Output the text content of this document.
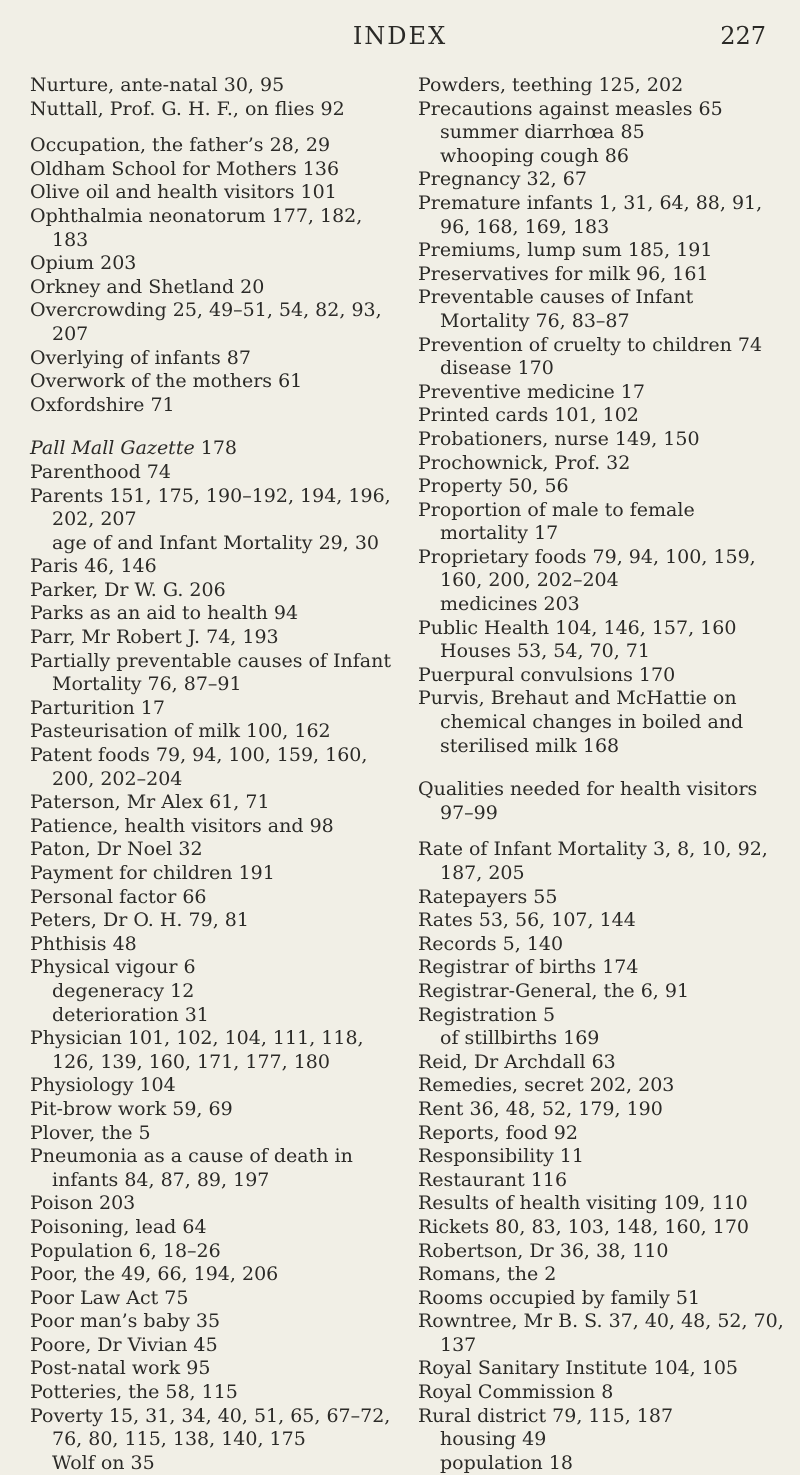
INDEX	227

Nurture, ante-natal 30, 95

Nuttall, Prof. G. H. F., on flies 92

Occupation, the father’s 28, 29

Oldham School for Mothers 136

Olive oil and health visitors 101

Ophthalmia neonatorum 177, 182, 183

Opium 203

Orkney and Shetland 20

Overcrowding 25, 49–51, 54, 82, 93, 207

Overlying of infants 87

Overwork of the mothers 61

Oxfordshire 71

Pall Mall Gazette 178

Parenthood 74

Parents 151, 175, 190–192, 194, 196, 202, 207

age of and Infant Mortality 29, 30

Paris 46, 146

Parker, Dr W. G. 206

Parks as an aid to health 94

Parr, Mr Robert J. 74, 193

Partially preventable causes of Infant Mortality 76, 87–91

Parturition 17

Pasteurisation of milk 100, 162

Patent foods 79, 94, 100, 159, 160, 200, 202–204

Paterson, Mr Alex 61, 71

Patience, health visitors and 98

Paton, Dr Noel 32

Payment for children 191

Personal factor 66

Peters, Dr O. H. 79, 81

Phthisis 48

Physical vigour 6

degeneracy 12

deterioration 31

Physician 101, 102, 104, 111, 118, 126, 139, 160, 171, 177, 180

Physiology 104

Pit-brow work 59, 69

Plover, the 5

Pneumonia as a cause of death in infants 84, 87, 89, 197

Poison 203

Poisoning, lead 64

Population 6, 18–26

Poor, the 49, 66, 194, 206

Poor Law Act 75

Poor man’s baby 35

Poore, Dr Vivian 45

Post-natal work 95

Potteries, the 58, 115

Poverty 15, 31, 34, 40, 51, 65, 67–72, 76, 80, 115, 138, 140, 175

Wolf on 35

Powders, teething 125, 202

Precautions against measles 65

summer diarrhœa 85

whooping cough 86

Pregnancy 32, 67

Premature infants 1, 31, 64, 88, 91, 96, 168, 169, 183

Premiums, lump sum 185, 191

Preservatives for milk 96, 161

Preventable causes of Infant Mortality 76, 83–87

Prevention of cruelty to children 74

disease 170

Preventive medicine 17

Printed cards 101, 102

Probationers, nurse 149, 150

Prochownick, Prof. 32

Property 50, 56

Proportion of male to female mortality 17

Proprietary foods 79, 94, 100, 159, 160, 200, 202–204

medicines 203

Public Health 104, 146, 157, 160

Houses 53, 54, 70, 71

Puerpural convulsions 170

Purvis, Brehaut and McHattie on chemical changes in boiled and sterilised milk 168

Qualities needed for health visitors 97–99

Rate of Infant Mortality 3, 8, 10, 92, 187, 205

Ratepayers 55

Rates 53, 56, 107, 144

Records 5, 140

Registrar of births 174

Registrar-General, the 6, 91

Registration 5

of stillbirths 169

Reid, Dr Archdall 63

Remedies, secret 202, 203

Rent 36, 48, 52, 179, 190

Reports, food 92

Responsibility 11

Restaurant 116

Results of health visiting 109, 110

Rickets 80, 83, 103, 148, 160, 170

Robertson, Dr 36, 38, 110

Romans, the 2

Rooms occupied by family 51

Rowntree, Mr B. S. 37, 40, 48, 52, 70, 137

Royal Sanitary Institute 104, 105

Royal Commission 8

Rural district 79, 115, 187

housing 49

population 18
